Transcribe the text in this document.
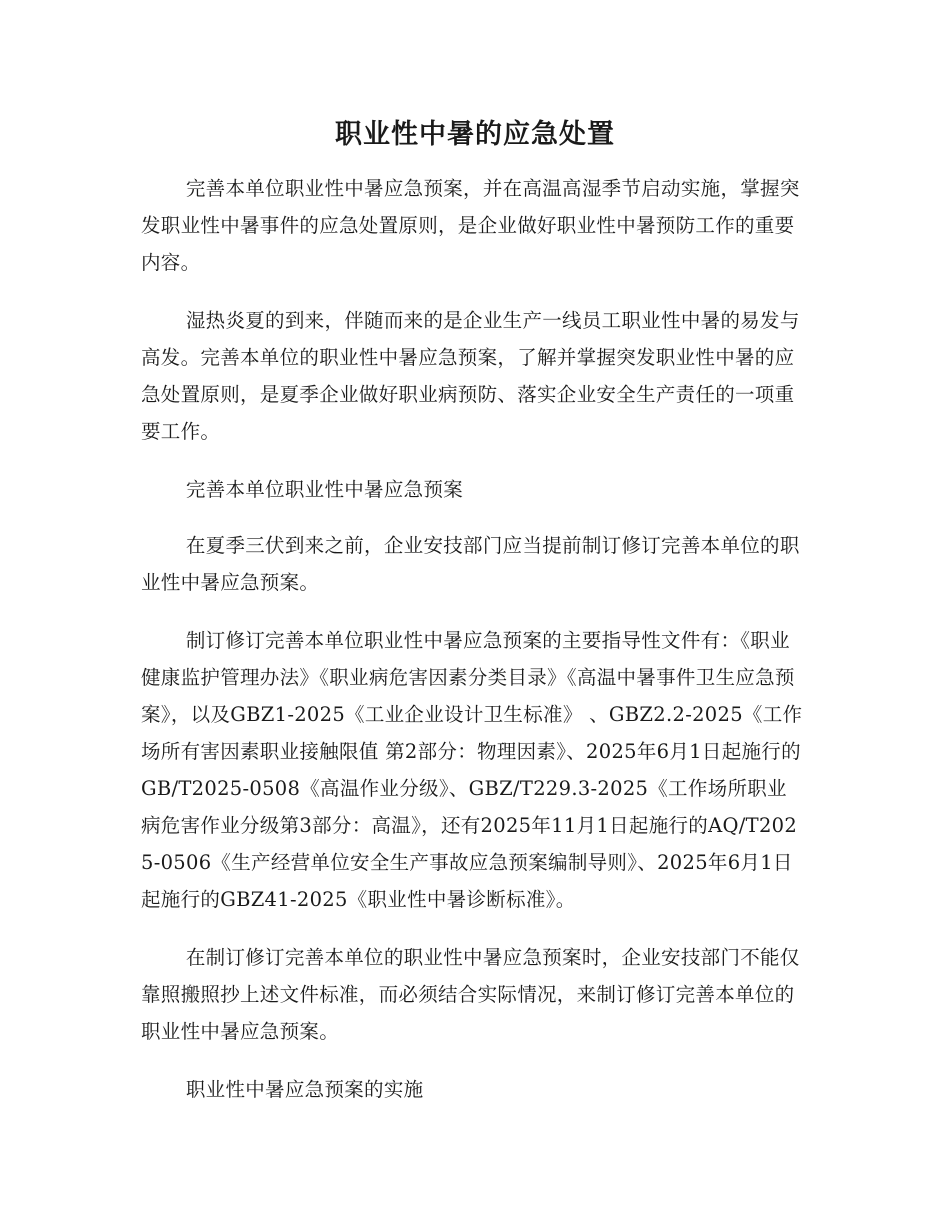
职业性中暑的应急处置

完善本单位职业性中暑应急预案，并在高温高湿季节启动实施，掌握突发职业性中暑事件的应急处置原则，是企业做好职业性中暑预防工作的重要内容。

湿热炎夏的到来，伴随而来的是企业生产一线员工职业性中暑的易发与高发。完善本单位的职业性中暑应急预案，了解并掌握突发职业性中暑的应急处置原则，是夏季企业做好职业病预防、落实企业安全生产责任的一项重要工作。

完善本单位职业性中暑应急预案

在夏季三伏到来之前，企业安技部门应当提前制订修订完善本单位的职业性中暑应急预案。

制订修订完善本单位职业性中暑应急预案的主要指导性文件有：《职业健康监护管理办法》《职业病危害因素分类目录》《高温中暑事件卫生应急预案》，以及GBZ1-2025《工业企业设计卫生标准》 、GBZ2.2-2025《工作场所有害因素职业接触限值 第2部分：物理因素》、2025年6月1日起施行的GB/T2025-0508《高温作业分级》、GBZ/T229.3-2025《工作场所职业病危害作业分级第3部分：高温》，还有2025年11月1日起施行的AQ/T2025-0506《生产经营单位安全生产事故应急预案编制导则》、2025年6月1日起施行的GBZ41-2025《职业性中暑诊断标准》。

在制订修订完善本单位的职业性中暑应急预案时，企业安技部门不能仅靠照搬照抄上述文件标准，而必须结合实际情况，来制订修订完善本单位的职业性中暑应急预案。

职业性中暑应急预案的实施
